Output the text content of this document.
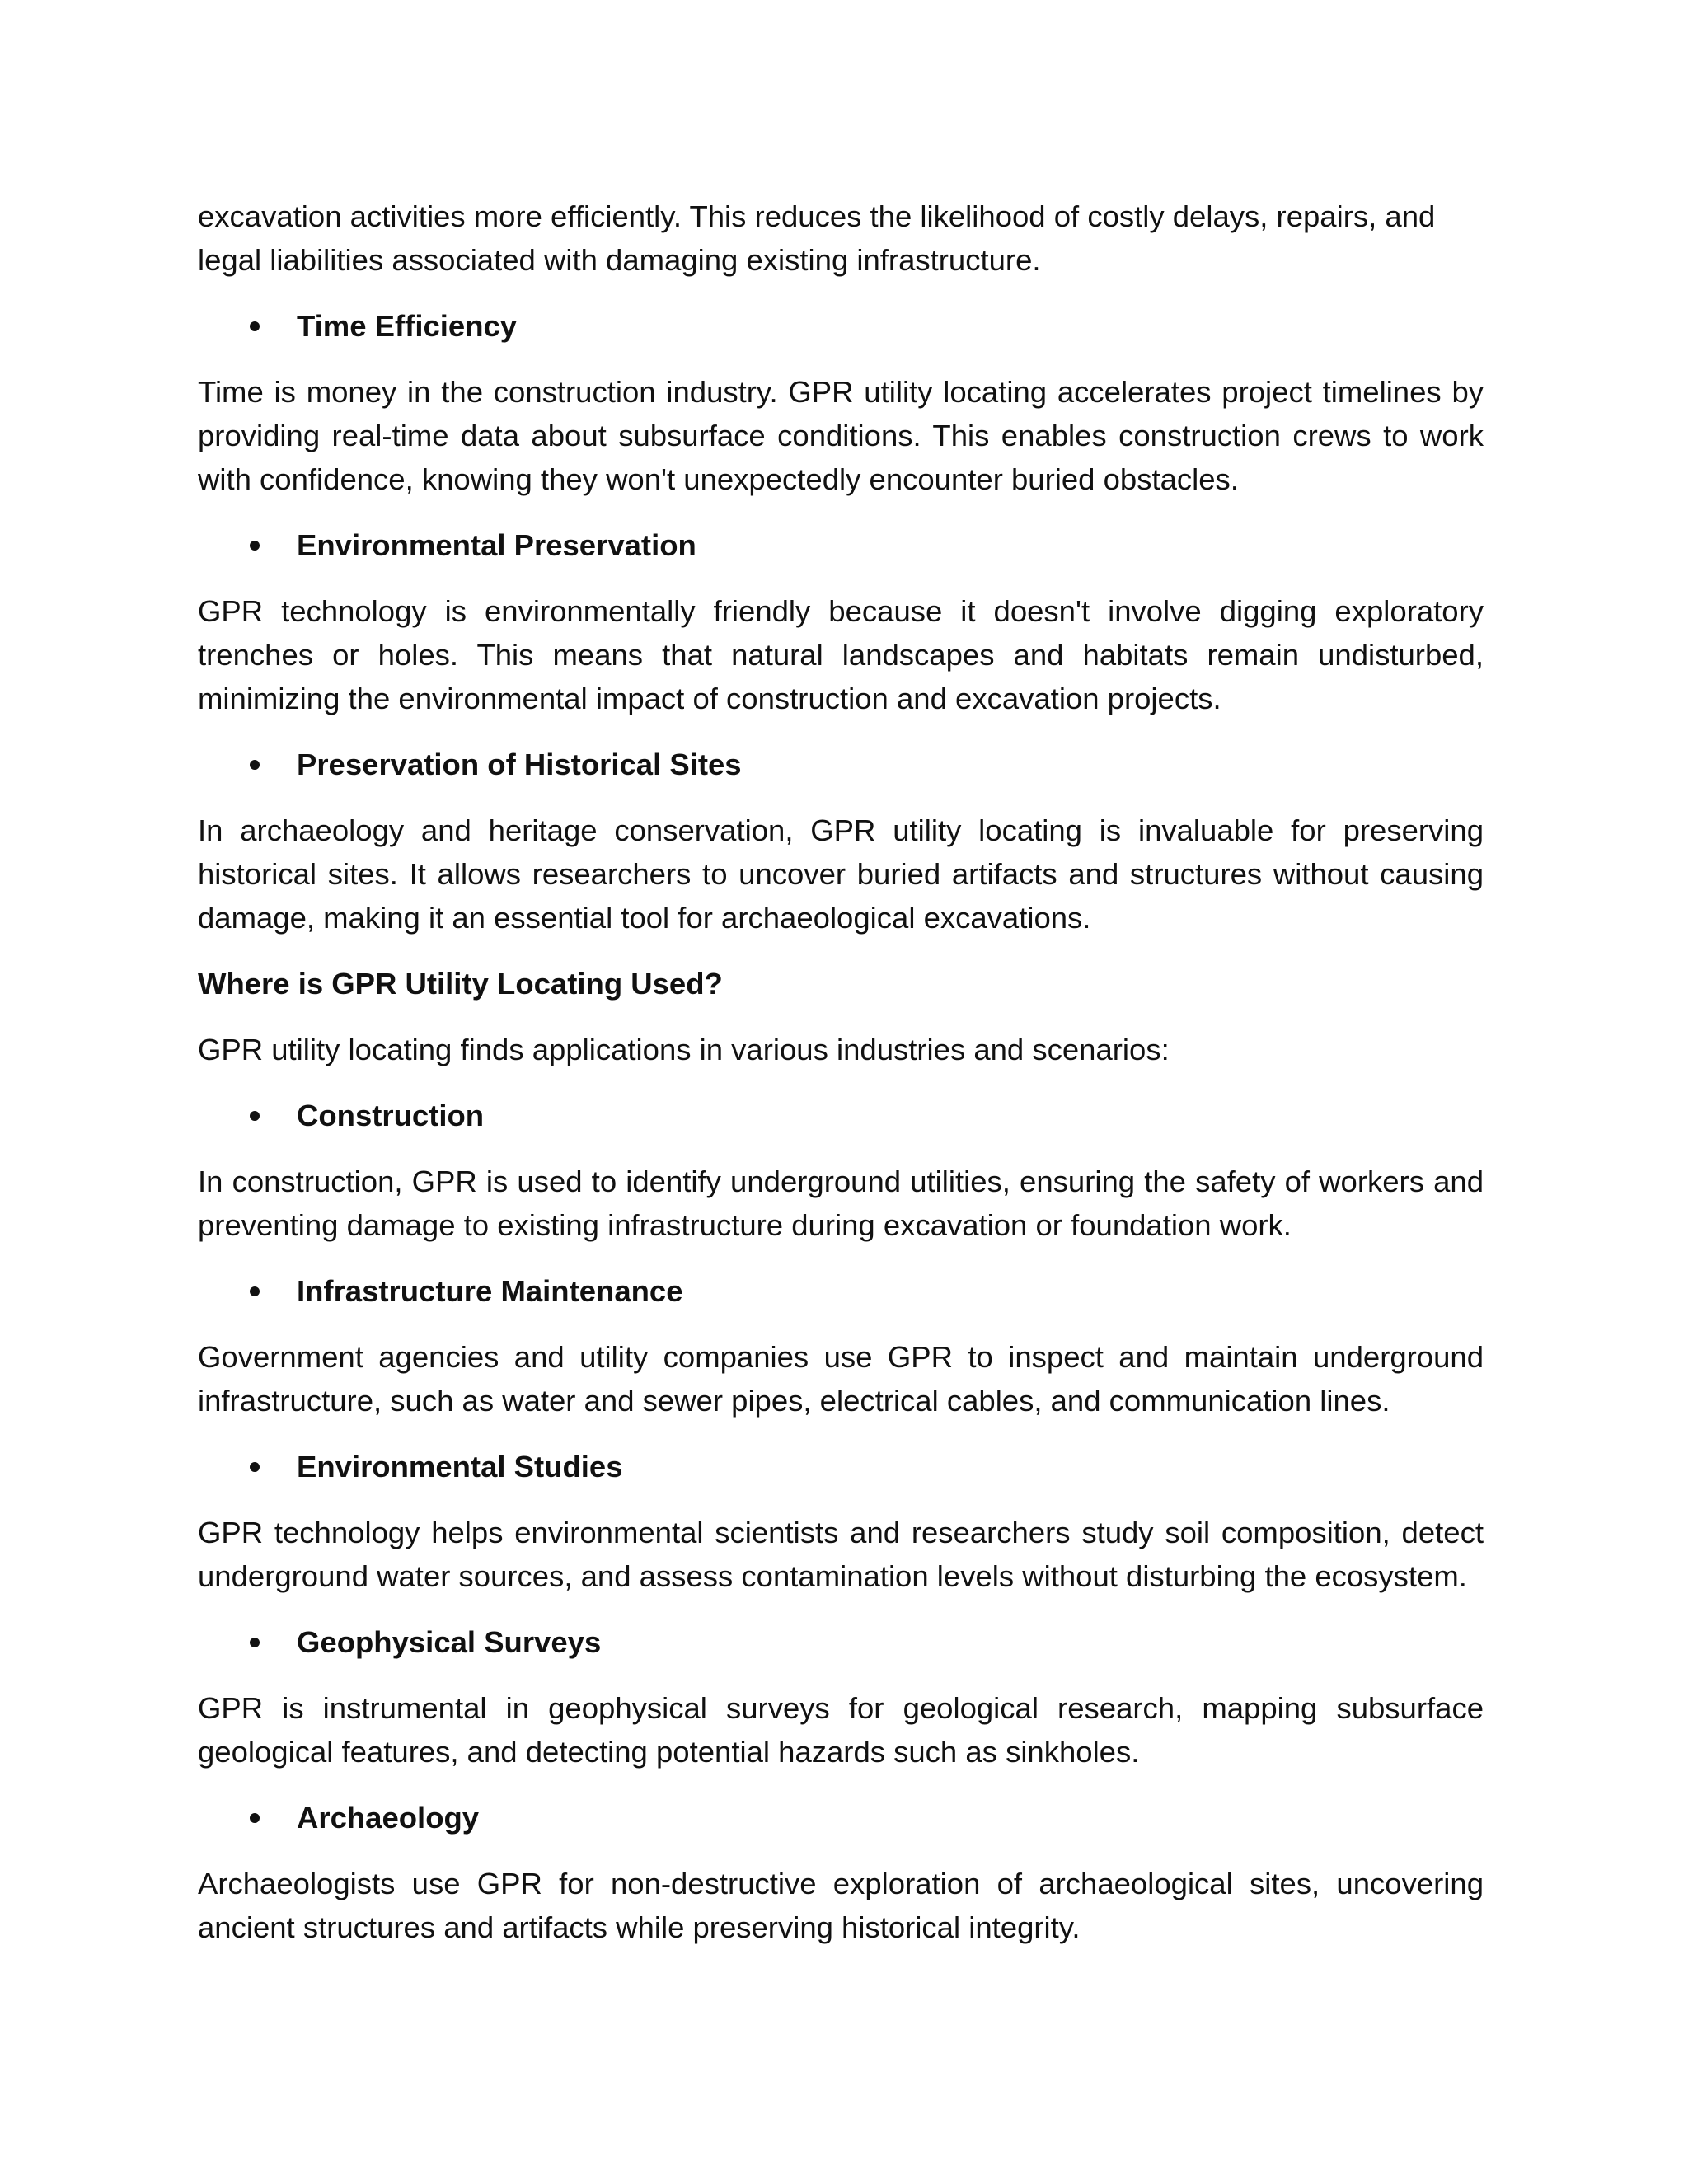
excavation activities more efficiently. This reduces the likelihood of costly delays, repairs, and legal liabilities associated with damaging existing infrastructure.

Time Efficiency

Time is money in the construction industry. GPR utility locating accelerates project timelines by providing real-time data about subsurface conditions. This enables construction crews to work with confidence, knowing they won't unexpectedly encounter buried obstacles.

Environmental Preservation

GPR technology is environmentally friendly because it doesn't involve digging exploratory trenches or holes. This means that natural landscapes and habitats remain undisturbed, minimizing the environmental impact of construction and excavation projects.

Preservation of Historical Sites

In archaeology and heritage conservation, GPR utility locating is invaluable for preserving historical sites. It allows researchers to uncover buried artifacts and structures without causing damage, making it an essential tool for archaeological excavations.

Where is GPR Utility Locating Used?

GPR utility locating finds applications in various industries and scenarios:

Construction

In construction, GPR is used to identify underground utilities, ensuring the safety of workers and preventing damage to existing infrastructure during excavation or foundation work.

Infrastructure Maintenance

Government agencies and utility companies use GPR to inspect and maintain underground infrastructure, such as water and sewer pipes, electrical cables, and communication lines.

Environmental Studies

GPR technology helps environmental scientists and researchers study soil composition, detect underground water sources, and assess contamination levels without disturbing the ecosystem.

Geophysical Surveys

GPR is instrumental in geophysical surveys for geological research, mapping subsurface geological features, and detecting potential hazards such as sinkholes.

Archaeology

Archaeologists use GPR for non-destructive exploration of archaeological sites, uncovering ancient structures and artifacts while preserving historical integrity.
